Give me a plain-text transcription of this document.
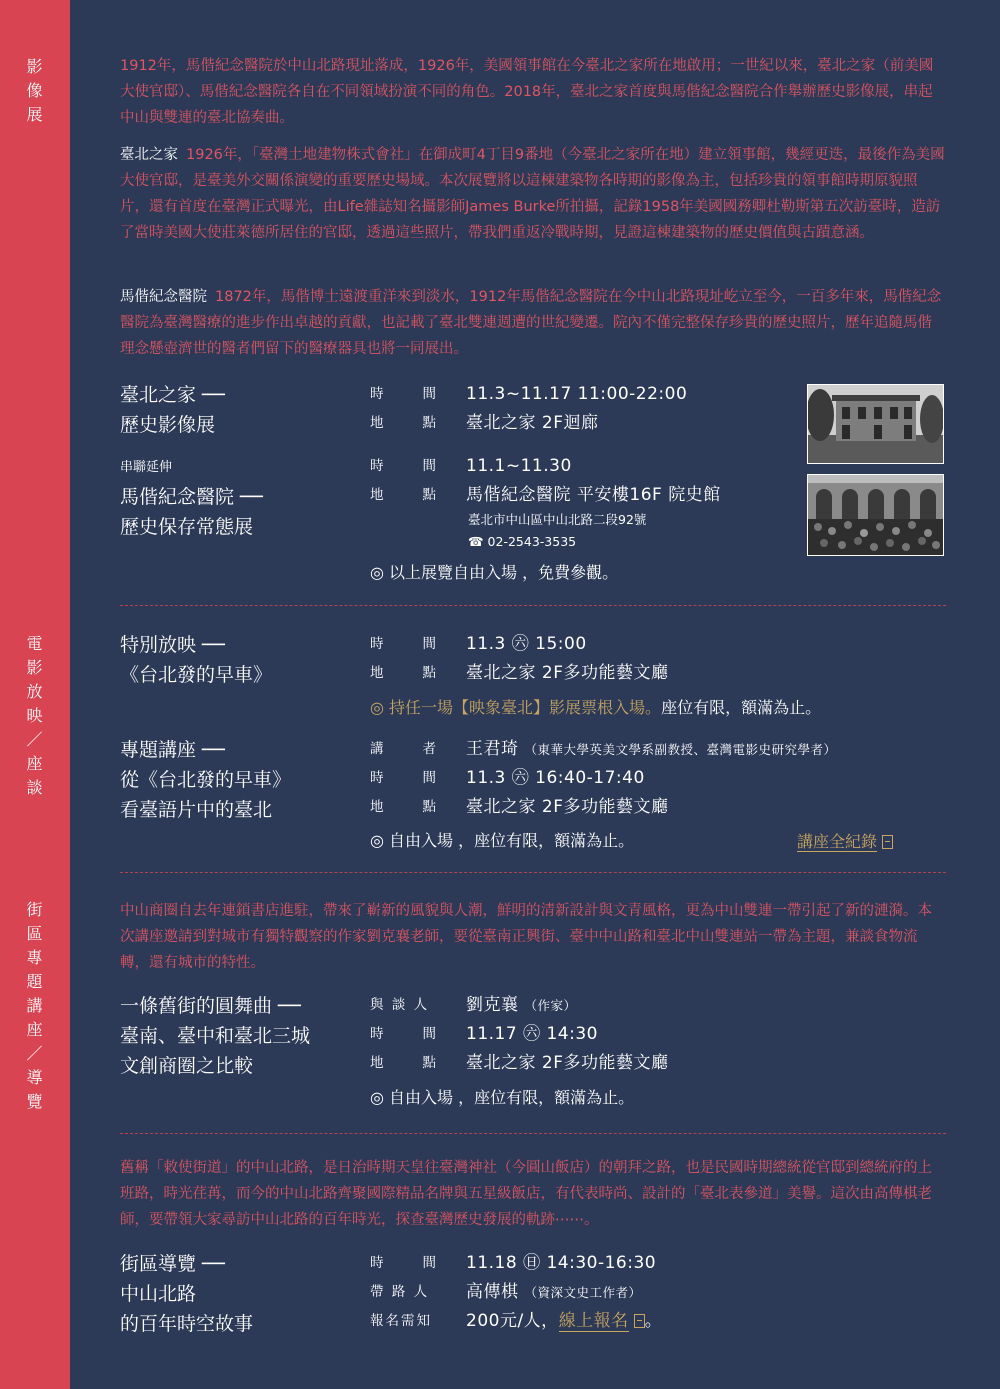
影
像
展
電
影
放
映
／
座
談
街
區
專
題
講
座
／
導
覽

1912年，馬偕紀念醫院於中山北路現址落成，1926年，美國領事館在今臺北之家所在地啟用；一世紀以來，臺北之家（前美國大使官邸）、馬偕紀念醫院各自在不同領域扮演不同的角色。2018年，臺北之家首度與馬偕紀念醫院合作舉辦歷史影像展，串起中山與雙連的臺北協奏曲。

臺北之家 1926年，「臺灣土地建物株式會社」在御成町4丁目9番地（今臺北之家所在地）建立領事館，幾經更迭，最後作為美國大使官邸，是臺美外交關係演變的重要歷史場域。本次展覽將以這棟建築物各時期的影像為主，包括珍貴的領事館時期原貌照片，還有首度在臺灣正式曝光，由Life雜誌知名攝影師James Burke所拍攝，記錄1958年美國國務卿杜勒斯第五次訪臺時，造訪了當時美國大使莊萊德所居住的官邸，透過這些照片，帶我們重返冷戰時期，見證這棟建築物的歷史價值與古蹟意涵。

馬偕紀念醫院 1872年，馬偕博士遠渡重洋來到淡水，1912年馬偕紀念醫院在今中山北路現址屹立至今，一百多年來，馬偕紀念醫院為臺灣醫療的進步作出卓越的貢獻，也記載了臺北雙連週遭的世紀變遷。院內不僅完整保存珍貴的歷史照片，歷年追隨馬偕理念懸壺濟世的醫者們留下的醫療器具也將一同展出。

臺北之家 ──
歷史影像展
時	間 11.3~11.17 11:00-22:00
地	點 臺北之家 2F迴廊
串聯延伸
馬偕紀念醫院 ──
歷史保存常態展
時	間 11.1~11.30
地	點 馬偕紀念醫院 平安樓16F 院史館
臺北市中山區中山北路二段92號
☎ 02-2543-3535
◎ 以上展覽自由入場 ，免費參觀。
特別放映 ──
《台北發的早車》
時	間 11.3 ㊅ 15:00
地	點 臺北之家 2F多功能藝文廳
◎ 持任一場【映象臺北】影展票根入場。座位有限，額滿為止。
專題講座 ──
從《台北發的早車》
看臺語片中的臺北
講	者 王君琦 （東華大學英美文學系副教授、臺灣電影史研究學者）
時	間 11.3 ㊅ 16:40-17:40
地	點 臺北之家 2F多功能藝文廳
◎ 自由入場 ，座位有限，額滿為止。	講座全紀錄

中山商圈自去年連鎖書店進駐，帶來了嶄新的風貌與人潮，鮮明的清新設計與文青風格，更為中山雙連一帶引起了新的漣漪。本次講座邀請到對城市有獨特觀察的作家劉克襄老師，要從臺南正興街、臺中中山路和臺北中山雙連站一帶為主題，兼談食物流轉，還有城市的特性。

一條舊街的圓舞曲 ──
臺南、臺中和臺北三城
文創商圈之比較
與 談 人	劉克襄 （作家）
時	間 11.17 ㊅ 14:30
地	點 臺北之家 2F多功能藝文廳
◎ 自由入場 ，座位有限，額滿為止。

舊稱「敕使街道」的中山北路，是日治時期天皇往臺灣神社（今圓山飯店）的朝拜之路，也是民國時期總統從官邸到總統府的上班路，時光荏苒，而今的中山北路齊聚國際精品名牌與五星級飯店，有代表時尚、設計的「臺北表參道」美譽。這次由高傳棋老師，要帶領大家尋訪中山北路的百年時光，探查臺灣歷史發展的軌跡⋯⋯。

街區導覽 ──
中山北路
的百年時空故事
時	間 11.18 ㊐ 14:30-16:30
帶 路 人	高傳棋 （資深文史工作者）
報名需知	200元/人，線上報名 。
